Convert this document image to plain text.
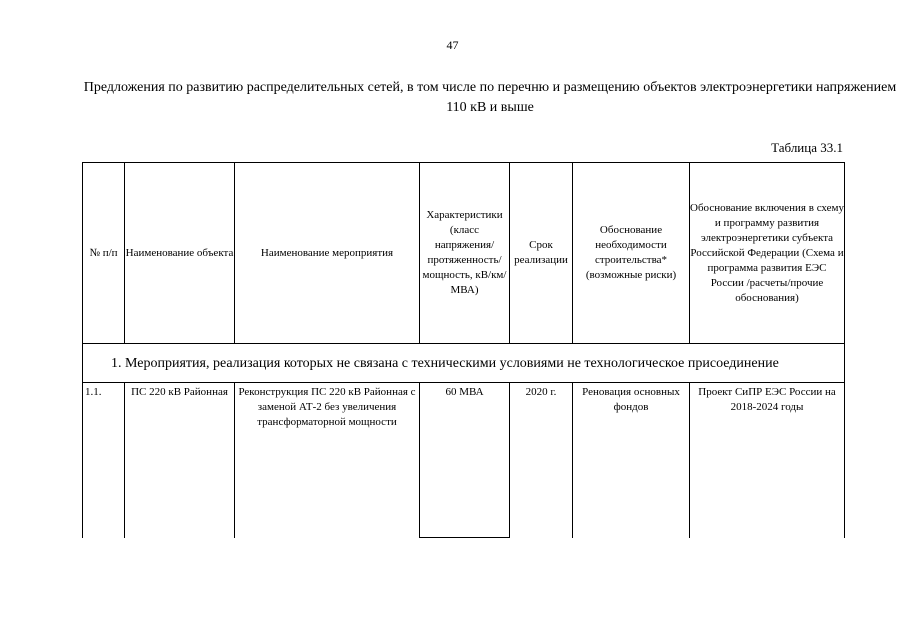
47
Предложения по развитию распределительных сетей, в том числе по перечню и размещению объектов электроэнергетики напряжением 110 кВ и выше
Таблица 33.1
№ п/п	Наименование объекта	Наименование мероприятия	Характеристики (класс напряжения/ протяженность/ мощность, кВ/км/МВА)	Срок реализации	Обоснование необходимости строительства* (возможные риски)	Обоснование включения в схему и программу развития электроэнергетики субъекта Российской Федерации (Схема и программа развития ЕЭС России /расчеты/прочие обоснования)

1. Мероприятия, реализация которых не связана с техническими условиями не технологическое присоединение						
1.1.	ПС 220 кВ Районная	Реконструкция ПС 220 кВ Районная с заменой АТ-2 без увеличения трансформаторной мощности	60 МВА	2020 г.	Реновация основных фондов	Проект СиПР ЕЭС России на 2018-2024 годы
